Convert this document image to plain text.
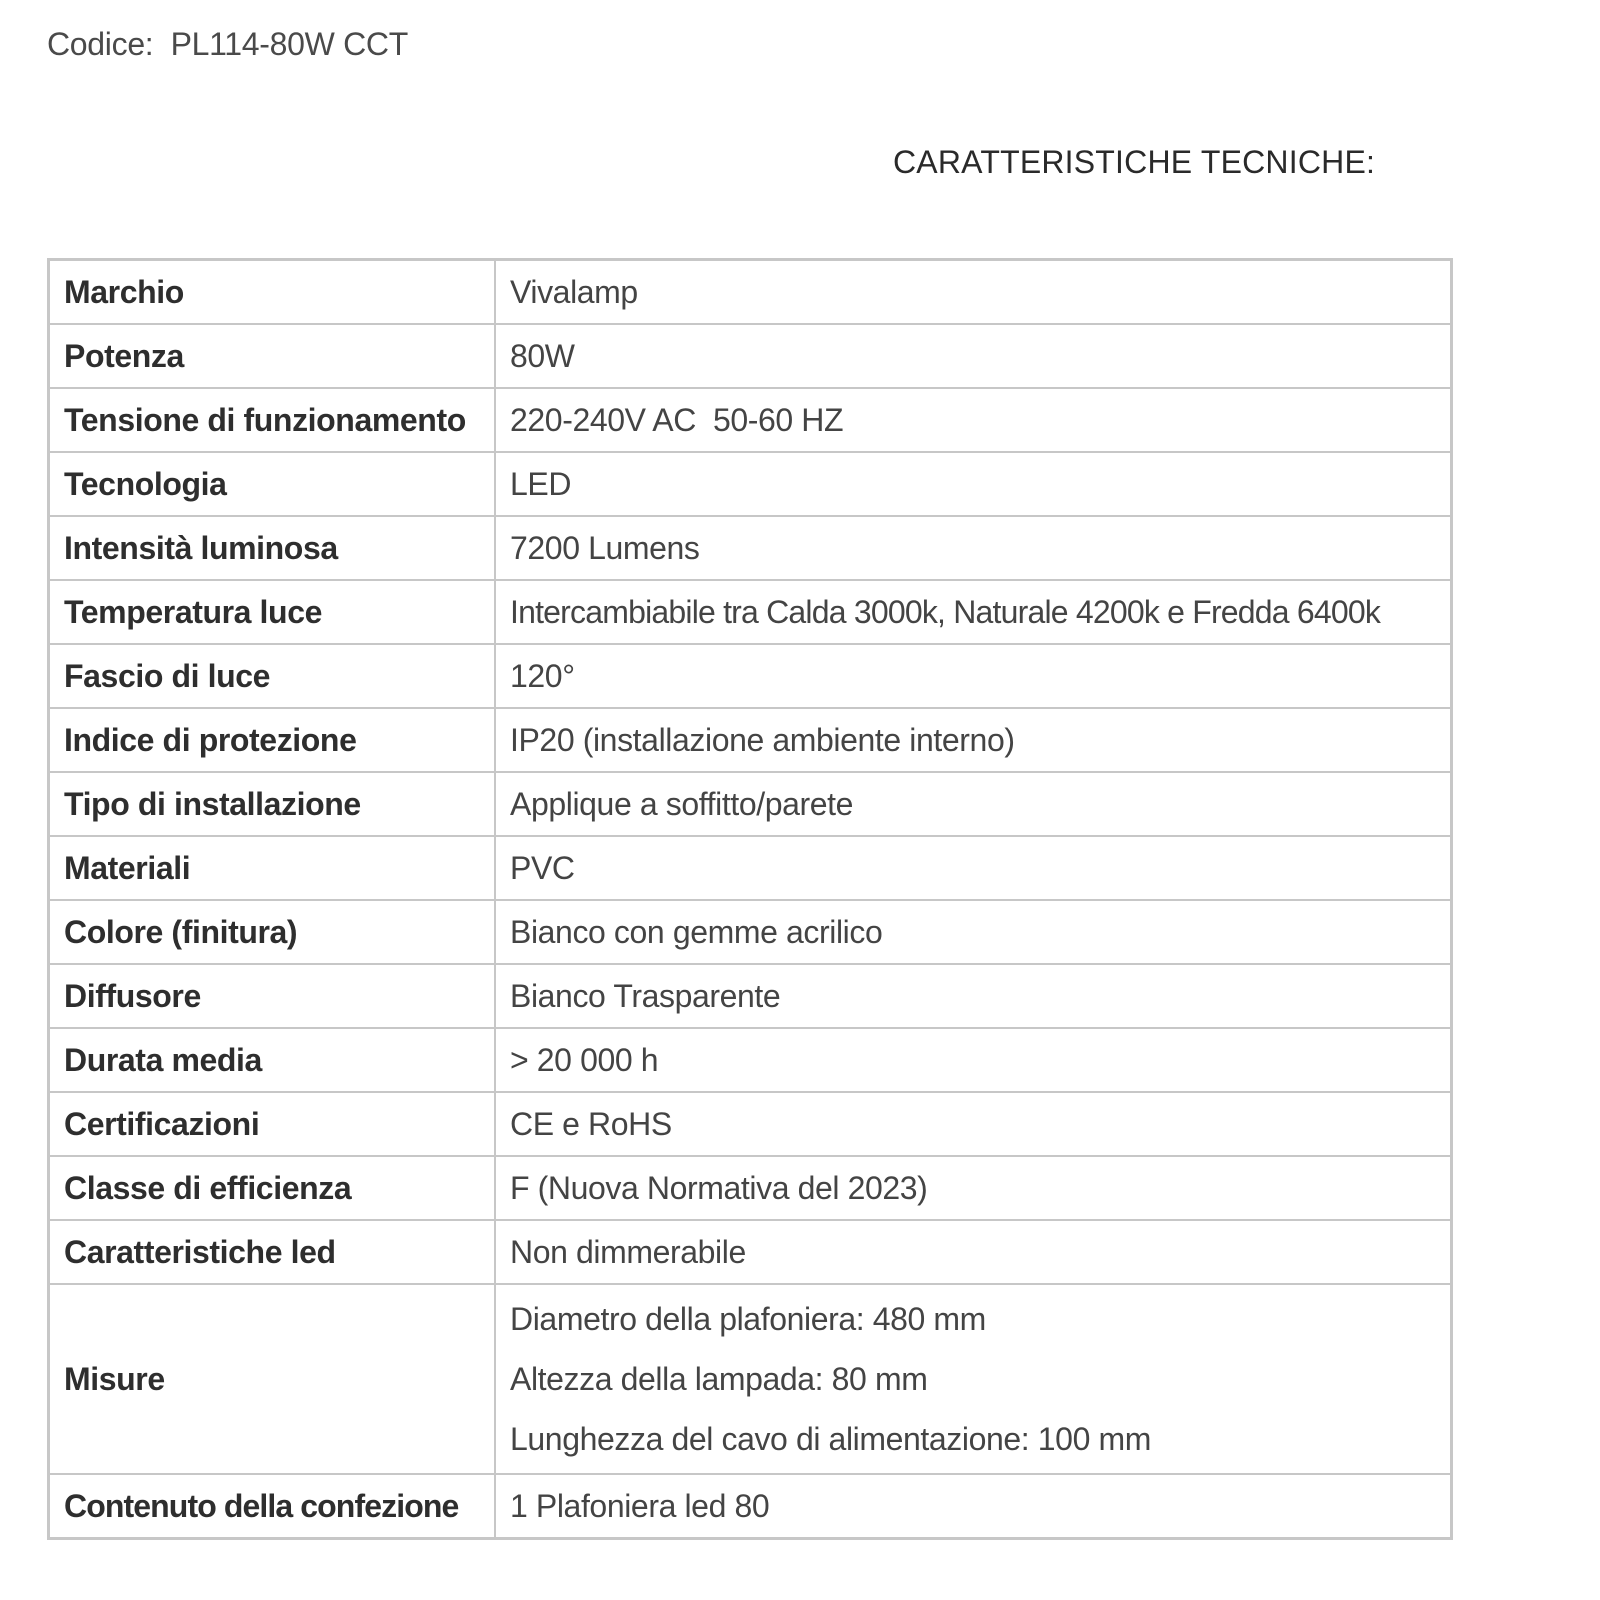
Codice: PL114-80W CCT
CARATTERISTICHE TECNICHE:
Marchio	Vivalamp
Potenza	80W
Tensione di funzionamento	220-240V AC  50-60 HZ
Tecnologia	LED
Intensità luminosa	7200 Lumens
Temperatura luce	Intercambiabile tra Calda 3000k, Naturale 4200k e Fredda 6400k
Fascio di luce	120°
Indice di protezione	IP20 (installazione ambiente interno)
Tipo di installazione	Applique a soffitto/parete
Materiali	PVC
Colore (finitura)	Bianco con gemme acrilico
Diffusore	Bianco Trasparente
Durata media	> 20 000 h
Certificazioni	CE e RoHS
Classe di efficienza	F (Nuova Normativa del 2023)
Caratteristiche led	Non dimmerabile
Misure	Diametro della plafoniera: 480 mm
Altezza della lampada: 80 mm
Lunghezza del cavo di alimentazione: 100 mm

Contenuto della confezione	1 Plafoniera led 80
